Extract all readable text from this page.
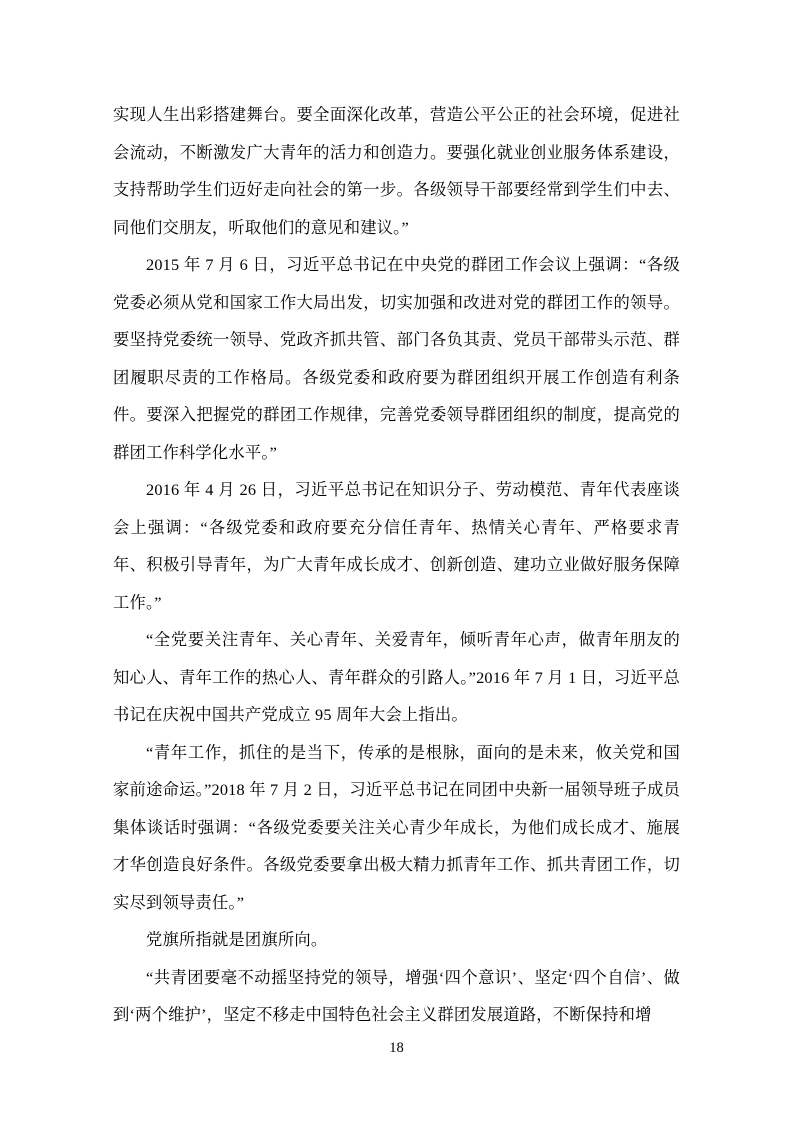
实现人生出彩搭建舞台。要全面深化改革，营造公平公正的社会环境，促进社会流动，不断激发广大青年的活力和创造力。要强化就业创业服务体系建设，支持帮助学生们迈好走向社会的第一步。各级领导干部要经常到学生们中去、同他们交朋友，听取他们的意见和建议。”

2015 年 7 月 6 日，习近平总书记在中央党的群团工作会议上强调：“各级党委必须从党和国家工作大局出发，切实加强和改进对党的群团工作的领导。要坚持党委统一领导、党政齐抓共管、部门各负其责、党员干部带头示范、群团履职尽责的工作格局。各级党委和政府要为群团组织开展工作创造有利条件。要深入把握党的群团工作规律，完善党委领导群团组织的制度，提高党的群团工作科学化水平。”

2016 年 4 月 26 日，习近平总书记在知识分子、劳动模范、青年代表座谈会上强调：“各级党委和政府要充分信任青年、热情关心青年、严格要求青年、积极引导青年，为广大青年成长成才、创新创造、建功立业做好服务保障工作。”

“全党要关注青年、关心青年、关爱青年，倾听青年心声，做青年朋友的知心人、青年工作的热心人、青年群众的引路人。”2016 年 7 月 1 日，习近平总书记在庆祝中国共产党成立 95 周年大会上指出。

“青年工作，抓住的是当下，传承的是根脉，面向的是未来，攸关党和国家前途命运。”2018 年 7 月 2 日，习近平总书记在同团中央新一届领导班子成员集体谈话时强调：“各级党委要关注关心青少年成长，为他们成长成才、施展才华创造良好条件。各级党委要拿出极大精力抓青年工作、抓共青团工作，切实尽到领导责任。”

党旗所指就是团旗所向。

“共青团要毫不动摇坚持党的领导，增强‘四个意识’、坚定‘四个自信’、做到‘两个维护’，坚定不移走中国特色社会主义群团发展道路，不断保持和增

18
